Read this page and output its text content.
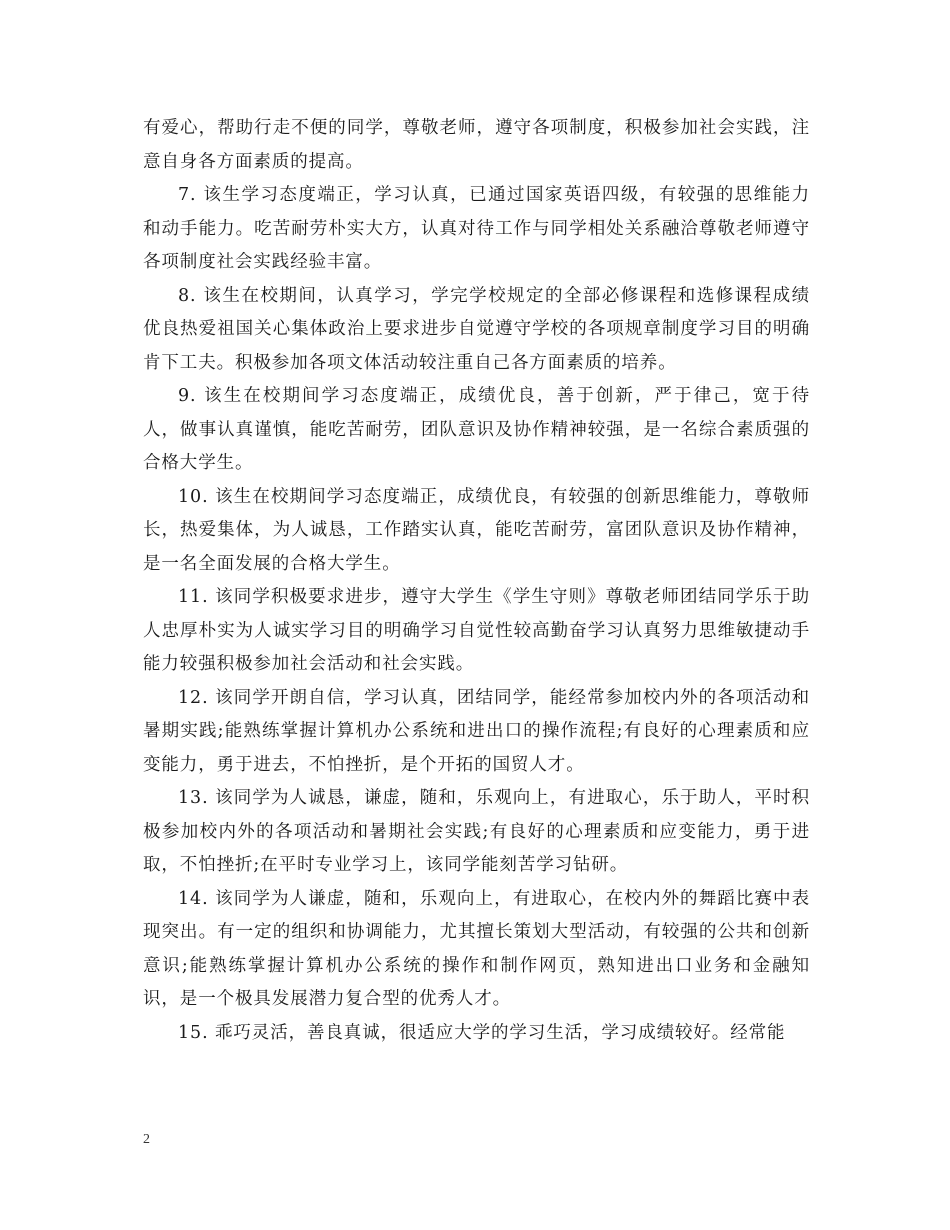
有爱心，帮助行走不便的同学，尊敬老师，遵守各项制度，积极参加社会实践，注意自身各方面素质的提高。

7. 该生学习态度端正，学习认真，已通过国家英语四级，有较强的思维能力和动手能力。吃苦耐劳朴实大方，认真对待工作与同学相处关系融洽尊敬老师遵守各项制度社会实践经验丰富。

8. 该生在校期间，认真学习，学完学校规定的全部必修课程和选修课程成绩优良热爱祖国关心集体政治上要求进步自觉遵守学校的各项规章制度学习目的明确肯下工夫。积极参加各项文体活动较注重自己各方面素质的培养。

9. 该生在校期间学习态度端正，成绩优良，善于创新，严于律己，宽于待人，做事认真谨慎，能吃苦耐劳，团队意识及协作精神较强，是一名综合素质强的合格大学生。

10. 该生在校期间学习态度端正，成绩优良，有较强的创新思维能力，尊敬师长，热爱集体，为人诚恳，工作踏实认真，能吃苦耐劳，富团队意识及协作精神，是一名全面发展的合格大学生。

11. 该同学积极要求进步，遵守大学生《学生守则》尊敬老师团结同学乐于助人忠厚朴实为人诚实学习目的明确学习自觉性较高勤奋学习认真努力思维敏捷动手能力较强积极参加社会活动和社会实践。

12. 该同学开朗自信，学习认真，团结同学，能经常参加校内外的各项活动和暑期实践;能熟练掌握计算机办公系统和进出口的操作流程;有良好的心理素质和应变能力，勇于进去，不怕挫折，是个开拓的国贸人才。

13. 该同学为人诚恳，谦虚，随和，乐观向上，有进取心，乐于助人，平时积极参加校内外的各项活动和暑期社会实践;有良好的心理素质和应变能力，勇于进取，不怕挫折;在平时专业学习上，该同学能刻苦学习钻研。

14. 该同学为人谦虚，随和，乐观向上，有进取心，在校内外的舞蹈比赛中表现突出。有一定的组织和协调能力，尤其擅长策划大型活动，有较强的公共和创新意识;能熟练掌握计算机办公系统的操作和制作网页，熟知进出口业务和金融知识，是一个极具发展潜力复合型的优秀人才。

15. 乖巧灵活，善良真诚，很适应大学的学习生活，学习成绩较好。经常能

2
